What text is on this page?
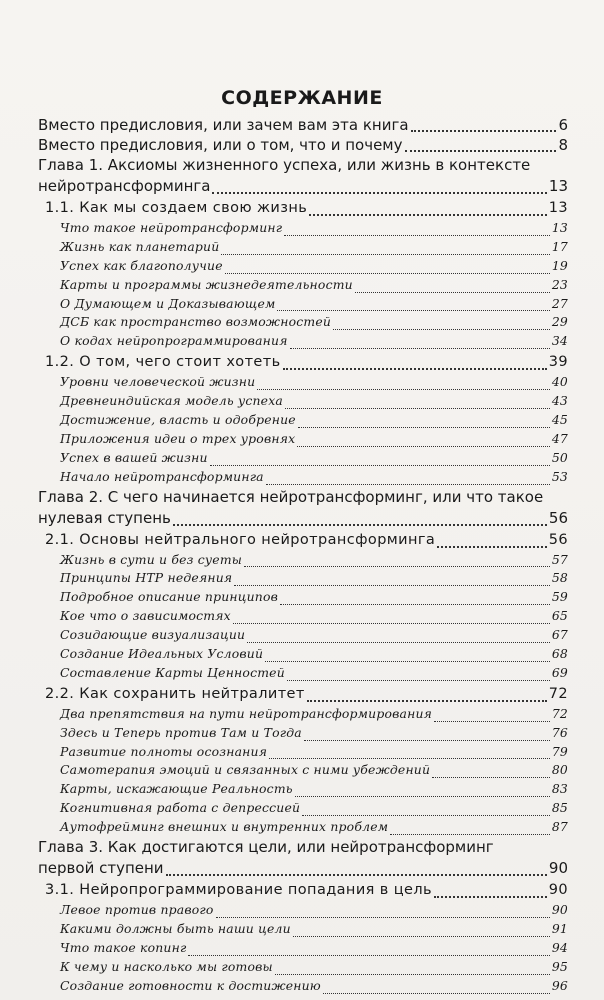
СОДЕРЖАНИЕ
Вместо предисловия, или зачем вам эта книга	6
Вместо предисловия, или о том, что и почему	8
Глава 1. Аксиомы жизненного успеха, или жизнь в контексте
нейротрансформинга	13
1.1. Как мы создаем свою жизнь	13
Что такое нейротрансформинг	13
Жизнь как планетарий	17
Успех как благополучие	19
Карты и программы жизнедеятельности	23
О Думающем и Доказывающем	27
ДСБ как пространство возможностей	29
О кодах нейропрограммирования	34
1.2. О том, чего стоит хотеть	39
Уровни человеческой жизни	40
Древнеиндийская модель успеха	43
Достижение, власть и одобрение	45
Приложения идеи о трех уровнях	47
Успех в вашей жизни	50
Начало нейротрансформинга	53
Глава 2. С чего начинается нейротрансформинг, или что такое
нулевая ступень	56
2.1. Основы нейтрального нейротрансформинга	56
Жизнь в сути и без суеты	57
Принципы НТР недеяния	58
Подробное описание принципов	59
Кое что о зависимостях	65
Созидающие визуализации	67
Создание Идеальных Условий	68
Составление Карты Ценностей	69
2.2. Как сохранить нейтралитет	72
Два препятствия на пути нейротрансформирования	72
Здесь и Теперь против Там и Тогда	76
Развитие полноты осознания	79
Самотерапия эмоций и связанных с ними убеждений	80
Карты, искажающие Реальность	83
Когнитивная работа с депрессией	85
Аутофрейминг внешних и внутренних проблем	87
Глава 3. Как достигаются цели, или нейротрансформинг
первой ступени	90
3.1. Нейропрограммирование попадания в цель	90
Левое против правого	90
Какими должны быть наши цели	91
Что такое копинг	94
К чему и насколько мы готовы	95
Создание готовности к достижению	96
